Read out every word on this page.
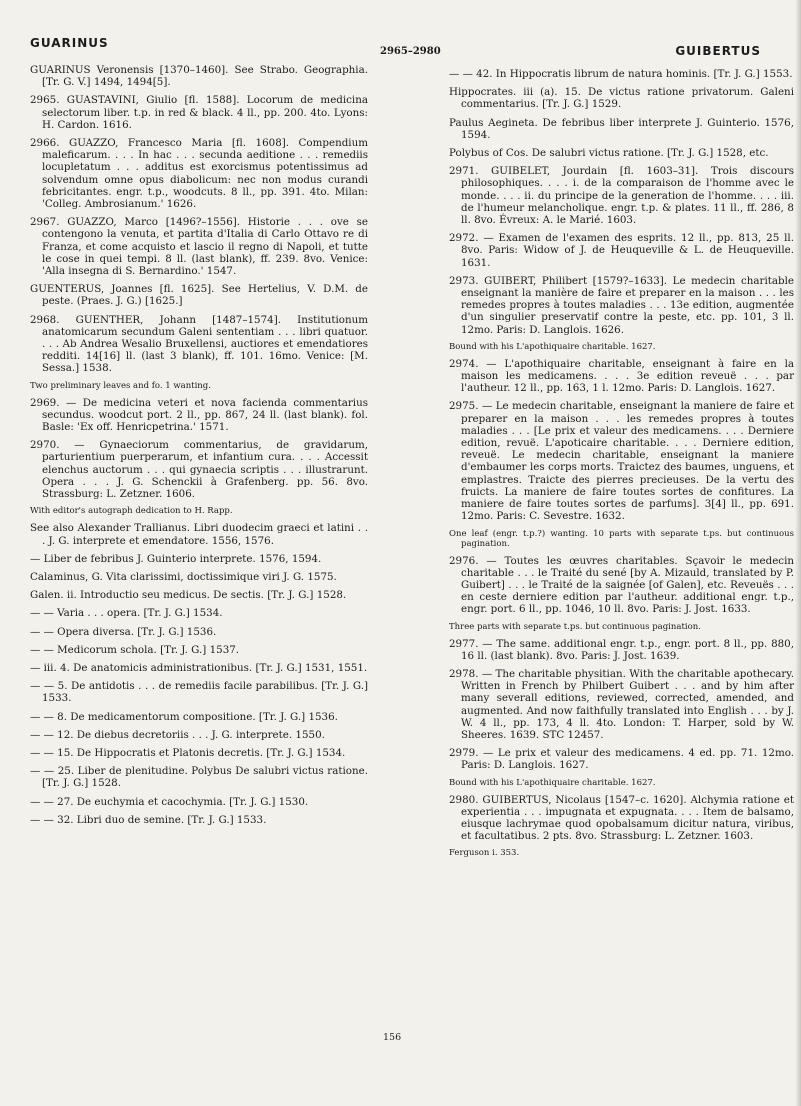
GUARINUS
2965–2980	GUIBERTUS

GUARINUS Veronensis [1370–1460]. See Strabo. Geographia. [Tr. G. V.] 1494, 1494[5].

2965. GUASTAVINI, Giulio [fl. 1588]. Locorum de medicina selectorum liber. t.p. in red & black. 4 ll., pp. 200. 4to. Lyons: H. Cardon. 1616.

2966. GUAZZO, Francesco Maria [fl. 1608]. Compendium maleficarum. . . . In hac . . . secunda aeditione . . . remediis locupletatum . . . additus est exorcismus potentissimus ad solvendum omne opus diabolicum: nec non modus curandi febricitantes. engr. t.p., woodcuts. 8 ll., pp. 391. 4to. Milan: 'Colleg. Ambrosianum.' 1626.

2967. GUAZZO, Marco [1496?–1556]. Historie . . . ove se contengono la venuta, et partita d'Italia di Carlo Ottavo re di Franza, et come acquisto et lascio il regno di Napoli, et tutte le cose in quei tempi. 8 ll. (last blank), ff. 239. 8vo. Venice: 'Alla insegna di S. Bernardino.' 1547.

GUENTERUS, Joannes [fl. 1625]. See Hertelius, V. D.M. de peste. (Praes. J. G.) [1625.]

2968. GUENTHER, Johann [1487–1574]. Institutionum anatomicarum secundum Galeni sententiam . . . libri quatuor. . . . Ab Andrea Wesalio Bruxellensi, auctiores et emendatiores redditi. 14[16] ll. (last 3 blank), ff. 101. 16mo. Venice: [M. Sessa.] 1538.

Two preliminary leaves and fo. 1 wanting.

2969. — De medicina veteri et nova facienda commentarius secundus. woodcut port. 2 ll., pp. 867, 24 ll. (last blank). fol. Basle: 'Ex off. Henricpetrina.' 1571.

2970. — Gynaeciorum commentarius, de gravidarum, parturientium puerperarum, et infantium cura. . . . Accessit elenchus auctorum . . . qui gynaecia scriptis . . . illustrarunt. Opera . . . J. G. Schenckii à Grafenberg. pp. 56. 8vo. Strassburg: L. Zetzner. 1606.

With editor's autograph dedication to H. Rapp.

See also Alexander Trallianus. Libri duodecim graeci et latini . . . J. G. interprete et emendatore. 1556, 1576.

— Liber de febribus J. Guinterio interprete. 1576, 1594.

Calaminus, G. Vita clarissimi, doctissimique viri J. G. 1575.

Galen. ii. Introductio seu medicus. De sectis. [Tr. J. G.] 1528.

— — Varia . . . opera. [Tr. J. G.] 1534.

— — Opera diversa. [Tr. J. G.] 1536.

— — Medicorum schola. [Tr. J. G.] 1537.

— iii. 4. De anatomicis administrationibus. [Tr. J. G.] 1531, 1551.

— — 5. De antidotis . . . de remediis facile parabilibus. [Tr. J. G.] 1533.

— — 8. De medicamentorum compositione. [Tr. J. G.] 1536.

— — 12. De diebus decretoriis . . . J. G. interprete. 1550.

— — 15. De Hippocratis et Platonis decretis. [Tr. J. G.] 1534.

— — 25. Liber de plenitudine. Polybus De salubri victus ratione. [Tr. J. G.] 1528.

— — 27. De euchymia et cacochymia. [Tr. J. G.] 1530.

— — 32. Libri duo de semine. [Tr. J. G.] 1533.

— — 42. In Hippocratis librum de natura hominis. [Tr. J. G.] 1553.

Hippocrates. iii (a). 15. De victus ratione privatorum. Galeni commentarius. [Tr. J. G.] 1529.

Paulus Aegineta. De febribus liber interprete J. Guinterio. 1576, 1594.

Polybus of Cos. De salubri victus ratione. [Tr. J. G.] 1528, etc.

2971. GUIBELET, Jourdain [fl. 1603–31]. Trois discours philosophiques. . . . i. de la comparaison de l'homme avec le monde. . . . ii. du principe de la generation de l'homme. . . . iii. de l'humeur melancholique. engr. t.p. & plates. 11 ll., ff. 286, 8 ll. 8vo. Évreux: A. le Marié. 1603.

2972. — Examen de l'examen des esprits. 12 ll., pp. 813, 25 ll. 8vo. Paris: Widow of J. de Heuqueville & L. de Heuqueville. 1631.

2973. GUIBERT, Philibert [1579?–1633]. Le medecin charitable enseignant la manière de faire et preparer en la maison . . . les remedes propres à toutes maladies . . . 13e edition, augmentée d'un singulier preservatif contre la peste, etc. pp. 101, 3 ll. 12mo. Paris: D. Langlois. 1626.

Bound with his L'apothiquaire charitable. 1627.

2974. — L'apothiquaire charitable, enseignant à faire en la maison les medicamens. . . . 3e edition reveuë . . . par l'autheur. 12 ll., pp. 163, 1 l. 12mo. Paris: D. Langlois. 1627.

2975. — Le medecin charitable, enseignant la maniere de faire et preparer en la maison . . . les remedes propres à toutes maladies . . . [Le prix et valeur des medicamens. . . . Derniere edition, revuë. L'apoticaire charitable. . . . Derniere edition, reveuë. Le medecin charitable, enseignant la maniere d'embaumer les corps morts. Traictez des baumes, unguens, et emplastres. Traicte des pierres precieuses. De la vertu des fruicts. La maniere de faire toutes sortes de confitures. La maniere de faire toutes sortes de parfums]. 3[4] ll., pp. 691. 12mo. Paris: C. Sevestre. 1632.

One leaf (engr. t.p.?) wanting. 10 parts with separate t.ps. but continuous pagination.

2976. — Toutes les œuvres charitables. Sçavoir le medecin charitable . . . le Traité du sené [by A. Mizauld, translated by P. Guibert] . . . le Traité de la saignée [of Galen], etc. Reveuës . . . en ceste derniere edition par l'autheur. additional engr. t.p., engr. port. 6 ll., pp. 1046, 10 ll. 8vo. Paris: J. Jost. 1633.

Three parts with separate t.ps. but continuous pagination.

2977. — The same. additional engr. t.p., engr. port. 8 ll., pp. 880, 16 ll. (last blank). 8vo. Paris: J. Jost. 1639.

2978. — The charitable physitian. With the charitable apothecary. Written in French by Philbert Guibert . . . and by him after many severall editions, reviewed, corrected, amended, and augmented. And now faithfully translated into English . . . by J. W. 4 ll., pp. 173, 4 ll. 4to. London: T. Harper, sold by W. Sheeres. 1639. STC 12457.

2979. — Le prix et valeur des medicamens. 4 ed. pp. 71. 12mo. Paris: D. Langlois. 1627.

Bound with his L'apothiquaire charitable. 1627.

2980. GUIBERTUS, Nicolaus [1547–c. 1620]. Alchymia ratione et experientia . . . impugnata et expugnata. . . . Item de balsamo, eiusque lachrymae quod opobalsamum dicitur natura, viribus, et facultatibus. 2 pts. 8vo. Strassburg: L. Zetzner. 1603.

Ferguson i. 353.

156
